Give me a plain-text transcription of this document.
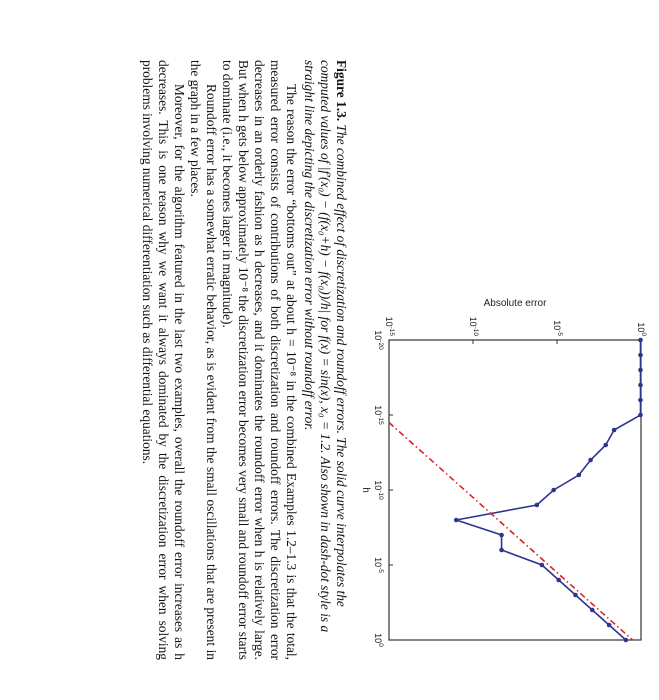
$10^{-20}$
$10^{-15}$
$10^{-10}$
$10^{-5}$
$10^0$
$10^{-15}$
$10^{-10}$
$10^{-5}$
$10^0$
h
Absolute error
Figure 1.3. The combined effect of discretization and roundoff errors. The solid curve interpolates the computed values of |f′(x₀) − (f(x₀+h) − f(x₀))/h| for f(x) = sin(x), x₀ = 1.2. Also shown in dash-dot style is a straight line depicting the discretization error without roundoff error.

The reason the error “bottoms out” at about h = 10⁻⁸ in the combined Examples 1.2–1.3 is that the total, measured error consists of contributions of both discretization and roundoff errors. The discretization error decreases in an orderly fashion as h decreases, and it dominates the roundoff error when h is relatively large. But when h gets below approximately 10⁻⁸ the discretization error becomes very small and roundoff error starts to dominate (i.e., it becomes larger in magnitude).

Roundoff error has a somewhat erratic behavior, as is evident from the small oscillations that are present in the graph in a few places.

Moreover, for the algorithm featured in the last two examples, overall the roundoff error increases as h decreases. This is one reason why we want it always dominated by the discretization error when solving problems involving numerical differentiation such as differential equations.
